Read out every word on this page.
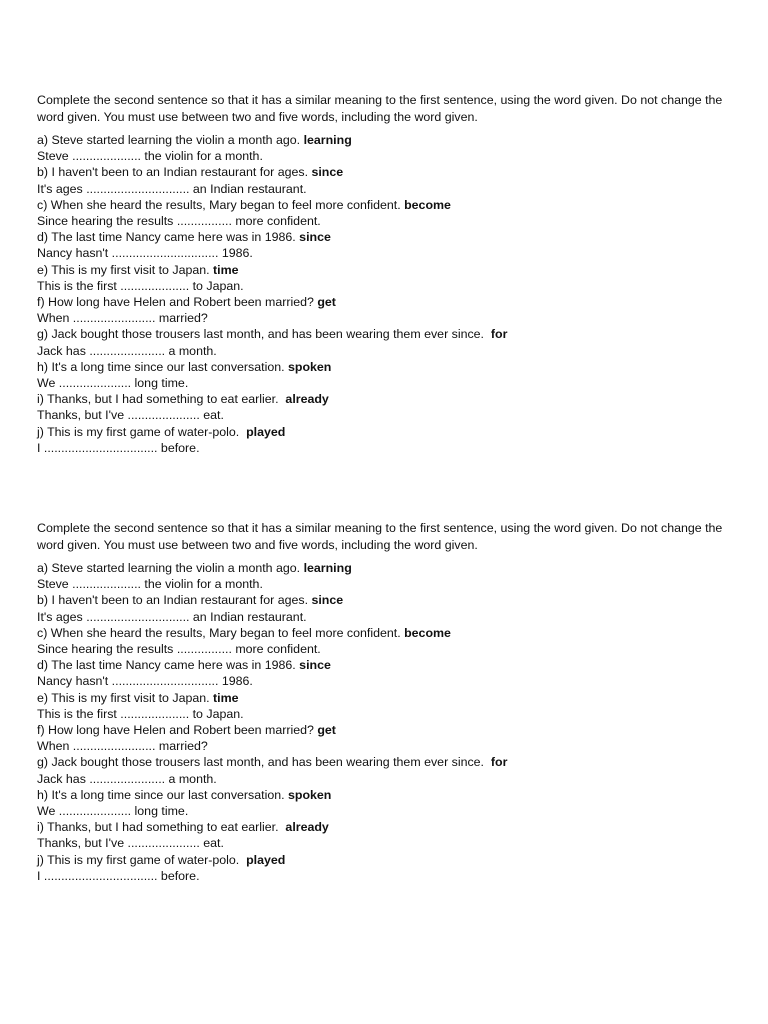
Complete the second sentence so that it has a similar meaning to the first sentence, using the word given. Do not change the word given. You must use between two and five words, including the word given.

a) Steve started learning the violin a month ago. learning
Steve .................... the violin for a month.
b) I haven't been to an Indian restaurant for ages. since
It's ages .............................. an Indian restaurant.
c) When she heard the results, Mary began to feel more confident. become
Since hearing the results ................ more confident.
d) The last time Nancy came here was in 1986. since
Nancy hasn't ............................... 1986.
e) This is my first visit to Japan. time
This is the first .................... to Japan.
f) How long have Helen and Robert been married? get
When ........................ married?
g) Jack bought those trousers last month, and has been wearing them ever since.  for
Jack has ...................... a month.
h) It's a long time since our last conversation. spoken
We ..................... long time.
i) Thanks, but I had something to eat earlier.  already
Thanks, but I've ..................... eat.
j) This is my first game of water-polo.  played
I ................................. before.

Complete the second sentence so that it has a similar meaning to the first sentence, using the word given. Do not change the word given. You must use between two and five words, including the word given.

a) Steve started learning the violin a month ago. learning
Steve .................... the violin for a month.
b) I haven't been to an Indian restaurant for ages. since
It's ages .............................. an Indian restaurant.
c) When she heard the results, Mary began to feel more confident. become
Since hearing the results ................ more confident.
d) The last time Nancy came here was in 1986. since
Nancy hasn't ............................... 1986.
e) This is my first visit to Japan. time
This is the first .................... to Japan.
f) How long have Helen and Robert been married? get
When ........................ married?
g) Jack bought those trousers last month, and has been wearing them ever since.  for
Jack has ...................... a month.
h) It's a long time since our last conversation. spoken
We ..................... long time.
i) Thanks, but I had something to eat earlier.  already
Thanks, but I've ..................... eat.
j) This is my first game of water-polo.  played
I ................................. before.
